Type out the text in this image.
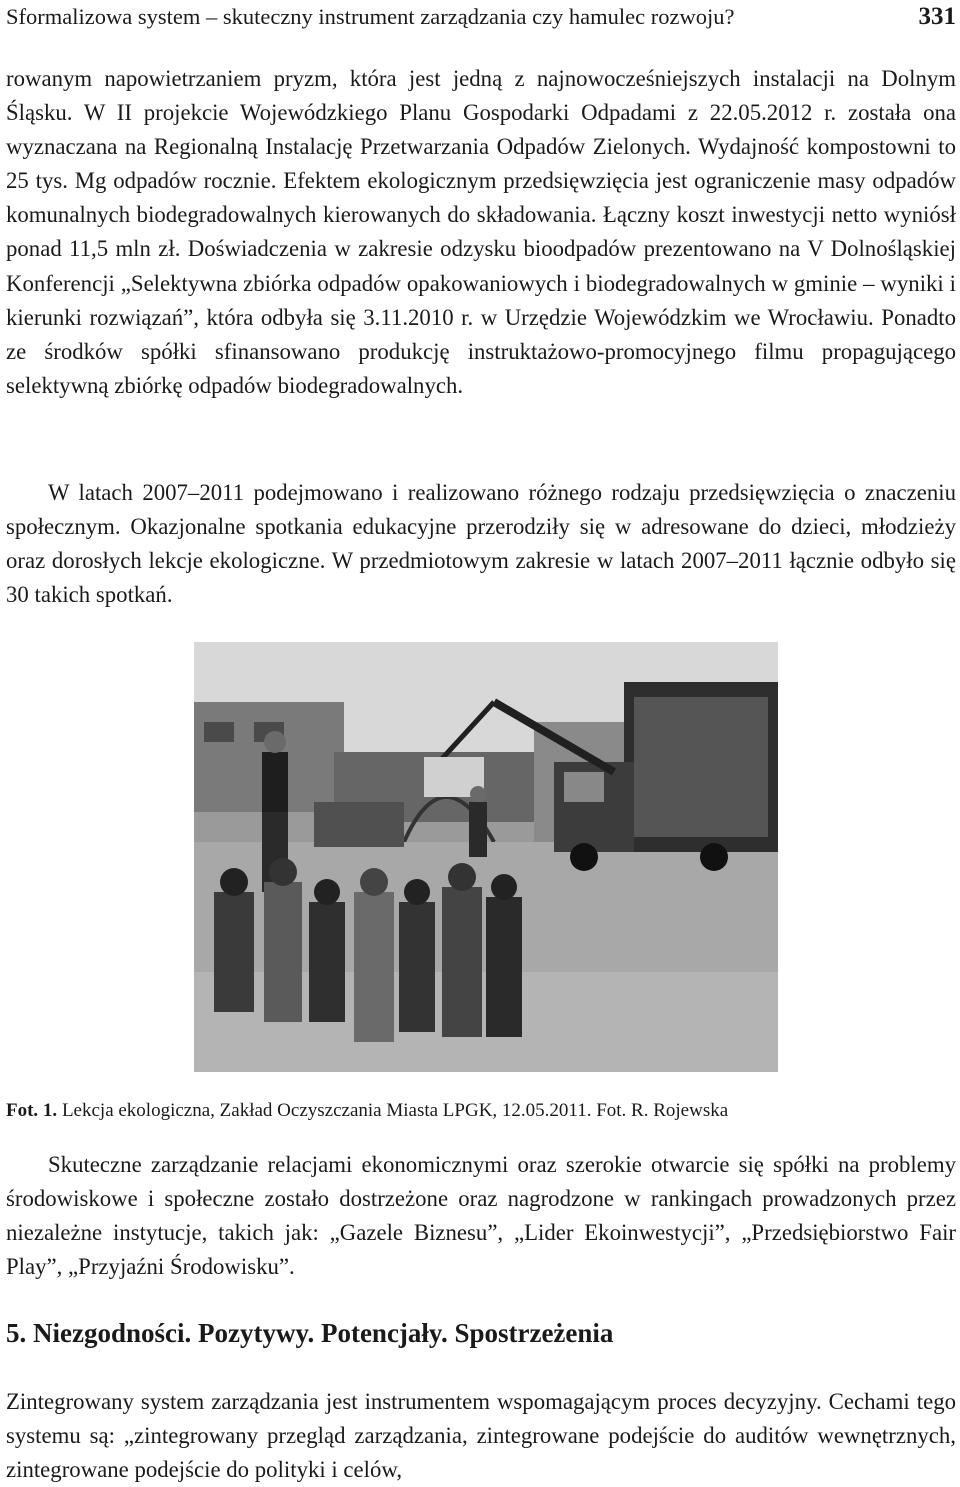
Sformalizowa system – skuteczny instrument zarządzania czy hamulec rozwoju?	331

rowanym napowietrzaniem pryzm, która jest jedną z najnowocześniejszych instalacji na Dolnym Śląsku. W II projekcie Wojewódzkiego Planu Gospodarki Odpadami z 22.05.2012 r. została ona wyznaczana na Regionalną Instalację Przetwarzania Odpadów Zielonych. Wydajność kompostowni to 25 tys. Mg odpadów rocznie. Efektem ekologicznym przedsięwzięcia jest ograniczenie masy odpadów komunalnych biodegradowalnych kierowanych do składowania. Łączny koszt inwestycji netto wyniósł ponad 11,5 mln zł. Doświadczenia w zakresie odzysku bioodpadów prezentowano na V Dolnośląskiej Konferencji „Selektywna zbiórka odpadów opakowaniowych i biodegradowalnych w gminie – wyniki i kierunki rozwiązań”, która odbyła się 3.11.2010 r. w Urzędzie Wojewódzkim we Wrocławiu. Ponadto ze środków spółki sfinansowano produkcję instruktażowo-promocyjnego filmu propagującego selektywną zbiórkę odpadów biodegradowalnych.

W latach 2007–2011 podejmowano i realizowano różnego rodzaju przedsięwzięcia o znaczeniu społecznym. Okazjonalne spotkania edukacyjne przerodziły się w adresowane do dzieci, młodzieży oraz dorosłych lekcje ekologiczne. W przedmiotowym zakresie w latach 2007–2011 łącznie odbyło się 30 takich spotkań.

Fot. 1. Lekcja ekologiczna, Zakład Oczyszczania Miasta LPGK, 12.05.2011. Fot. R. Rojewska

Skuteczne zarządzanie relacjami ekonomicznymi oraz szerokie otwarcie się spółki na problemy środowiskowe i społeczne zostało dostrzeżone oraz nagrodzone w rankingach prowadzonych przez niezależne instytucje, takich jak: „Gazele Biznesu”, „Lider Ekoinwestycji”, „Przedsiębiorstwo Fair Play”, „Przyjaźni Środowisku”.

5. Niezgodności. Pozytywy. Potencjały. Spostrzeżenia

Zintegrowany system zarządzania jest instrumentem wspomagającym proces decyzyjny. Cechami tego systemu są: „zintegrowany przegląd zarządzania, zintegrowane podejście do auditów wewnętrznych, zintegrowane podejście do polityki i celów,
